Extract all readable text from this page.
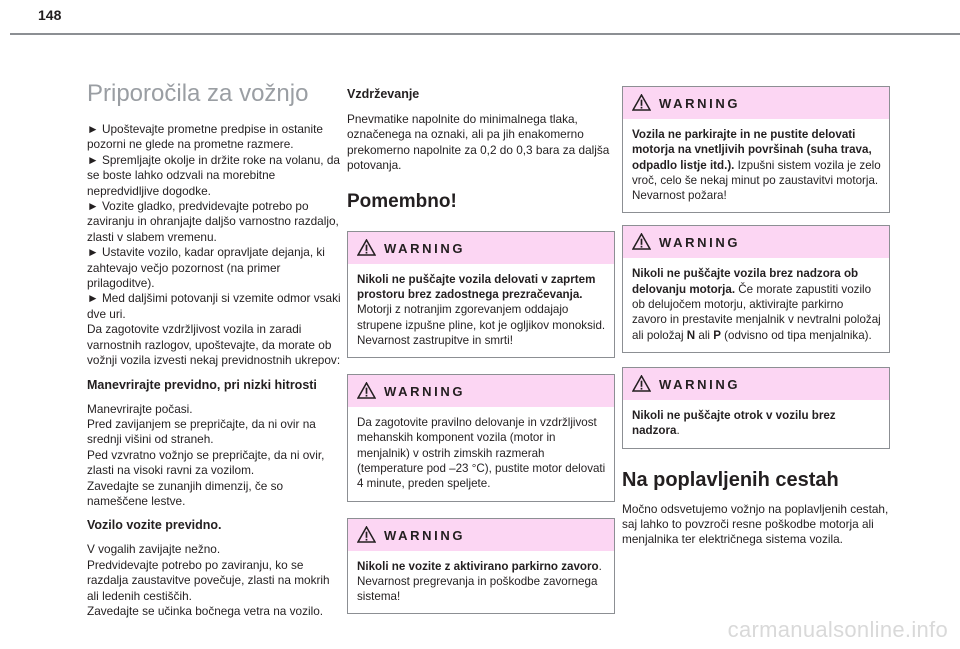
148
Priporočila za vožnjo

► Upoštevajte prometne predpise in ostanite pozorni ne glede na prometne razmere.
► Spremljajte okolje in držite roke na volanu, da se boste lahko odzvali na morebitne nepredvidljive dogodke.
► Vozite gladko, predvidevajte potrebo po zaviranju in ohranjajte daljšo varnostno razdaljo, zlasti v slabem vremenu.
► Ustavite vozilo, kadar opravljate dejanja, ki zahtevajo večjo pozornost (na primer prilagoditve).
► Med daljšimi potovanji si vzemite odmor vsaki dve uri.
Da zagotovite vzdržljivost vozila in zaradi varnostnih razlogov, upoštevajte, da morate ob vožnji vozila izvesti nekaj previdnostnih ukrepov:

Manevrirajte previdno, pri nizki hitrosti

Manevrirajte počasi.
Pred zavijanjem se prepričajte, da ni ovir na srednji višini od straneh.
Ped vzvratno vožnjo se prepričajte, da ni ovir, zlasti na visoki ravni za vozilom.
Zavedajte se zunanjih dimenzij, če so nameščene lestve.

Vozilo vozite previdno.

V vogalih zavijajte nežno.
Predvidevajte potrebo po zaviranju, ko se razdalja zaustavitve povečuje, zlasti na mokrih ali ledenih cestiščih.
Zavedajte se učinka bočnega vetra na vozilo.

Vzdrževanje

Pnevmatike napolnite do minimalnega tlaka, označenega na oznaki, ali pa jih enakomerno prekomerno napolnite za 0,2 do 0,3 bara za daljša potovanja.

Pomembno!
WARNING
Nikoli ne puščajte vozila delovati v zaprtem prostoru brez zadostnega prezračevanja. Motorji z notranjim zgorevanjem oddajajo strupene izpušne pline, kot je ogljikov monoksid. Nevarnost zastrupitve in smrti!
WARNING
Da zagotovite pravilno delovanje in vzdržljivost mehanskih komponent vozila (motor in menjalnik) v ostrih zimskih razmerah (temperature pod –23 °C), pustite motor delovati 4 minute, preden speljete.
WARNING
Nikoli ne vozite z aktivirano parkirno zavoro. Nevarnost pregrevanja in poškodbe zavornega sistema!
WARNING
Vozila ne parkirajte in ne pustite delovati motorja na vnetljivih površinah (suha trava, odpadlo listje itd.). Izpušni sistem vozila je zelo vroč, celo še nekaj minut po zaustavitvi motorja. Nevarnost požara!
WARNING
Nikoli ne puščajte vozila brez nadzora ob delovanju motorja. Če morate zapustiti vozilo ob delujočem motorju, aktivirajte parkirno zavoro in prestavite menjalnik v nevtralni položaj ali položaj N ali P (odvisno od tipa menjalnika).
WARNING
Nikoli ne puščajte otrok v vozilu brez nadzora.
Na poplavljenih cestah

Močno odsvetujemo vožnjo na poplavljenih cestah, saj lahko to povzroči resne poškodbe motorja ali menjalnika ter električnega sistema vozila.

carmanualsonline.info
